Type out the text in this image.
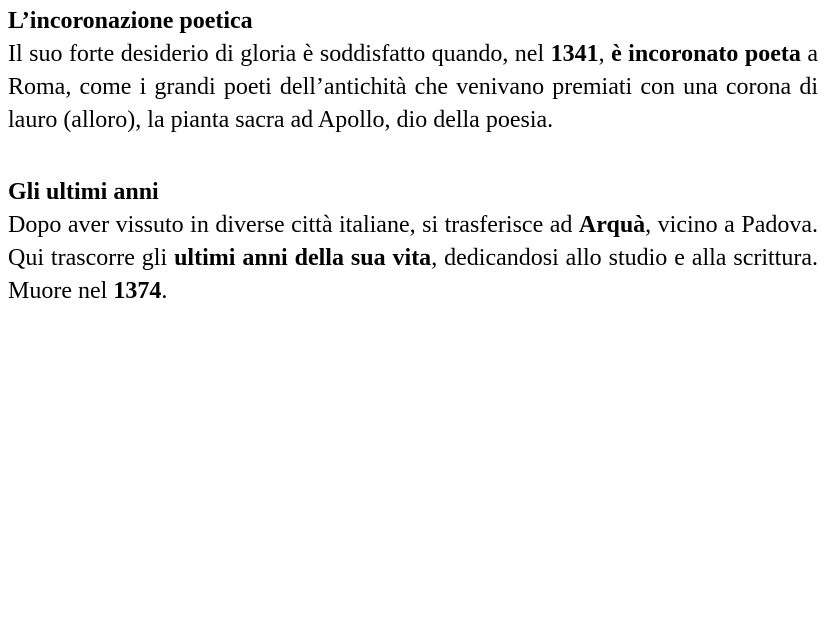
L’incoronazione poetica

Il suo forte desiderio di gloria è soddisfatto quando, nel 1341, è incoronato poeta a Roma, come i grandi poeti dell’antichità che venivano premiati con una corona di lauro (alloro), la pianta sacra ad Apollo, dio della poesia.

Gli ultimi anni

Dopo aver vissuto in diverse città italiane, si trasferisce ad Arquà, vicino a Padova. Qui trascorre gli ultimi anni della sua vita, dedicandosi allo studio e alla scrittura. Muore nel 1374.
